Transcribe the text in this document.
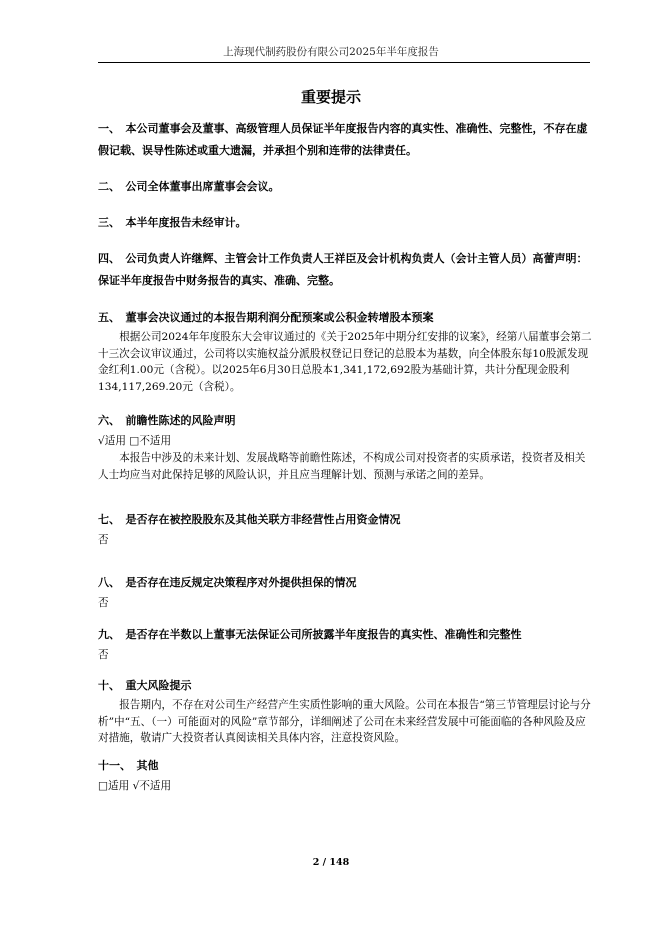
上海现代制药股份有限公司2025年半年度报告
重要提示

一、　本公司董事会及董事、高级管理人员保证半年度报告内容的真实性、准确性、完整性，不存在虚假记载、误导性陈述或重大遗漏，并承担个别和连带的法律责任。

二、　公司全体董事出席董事会会议。

三、　本半年度报告未经审计。

四、　公司负责人许继辉、主管会计工作负责人王祥臣及会计机构负责人（会计主管人员）高蕾声明：保证半年度报告中财务报告的真实、准确、完整。

五、　董事会决议通过的本报告期利润分配预案或公积金转增股本预案

根据公司2024年年度股东大会审议通过的《关于2025年中期分红安排的议案》，经第八届董事会第二十三次会议审议通过，公司将以实施权益分派股权登记日登记的总股本为基数，向全体股东每10股派发现金红利1.00元（含税）。以2025年6月30日总股本1,341,172,692股为基础计算，共计分配现金股利134,117,269.20元（含税）。

六、　前瞻性陈述的风险声明

√适用 □不适用

本报告中涉及的未来计划、发展战略等前瞻性陈述，不构成公司对投资者的实质承诺，投资者及相关人士均应当对此保持足够的风险认识，并且应当理解计划、预测与承诺之间的差异。

七、　是否存在被控股股东及其他关联方非经营性占用资金情况

否

八、　是否存在违反规定决策程序对外提供担保的情况

否

九、　是否存在半数以上董事无法保证公司所披露半年度报告的真实性、准确性和完整性

否

十、　重大风险提示

报告期内，不存在对公司生产经营产生实质性影响的重大风险。公司在本报告“第三节管理层讨论与分析”中“五、（一）可能面对的风险”章节部分，详细阐述了公司在未来经营发展中可能面临的各种风险及应对措施，敬请广大投资者认真阅读相关具体内容，注意投资风险。

十一、　其他

□适用 √不适用
2 / 148
